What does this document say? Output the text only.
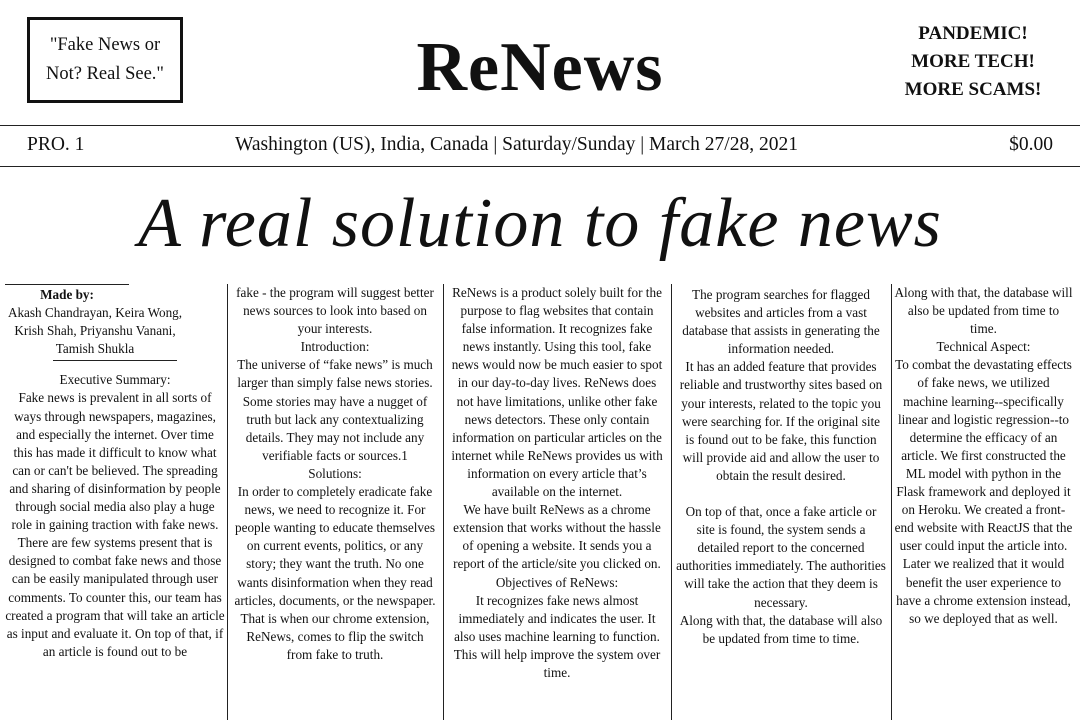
"Fake News or
Not? Real See."	ReNews	PANDEMIC!
MORE TECH!
MORE SCAMS!
PRO. 1	Washington (US), India, Canada | Saturday/Sunday | March 27/28, 2021	$0.00
A real solution to fake news

Made by:

Akash Chandrayan, Keira Wong, Krish Shah, Priyanshu Vanani, Tamish Shukla

Executive Summary:

Fake news is prevalent in all sorts of ways through newspapers, magazines, and especially the internet. Over time this has made it difficult to know what can or can't be believed. The spreading and sharing of disinformation by people through social media also play a huge role in gaining traction with fake news. There are few systems present that is designed to combat fake news and those can be easily manipulated through user comments. To counter this, our team has created a program that will take an article as input and evaluate it. On top of that, if an article is found out to be

fake - the program will suggest better news sources to look into based on your interests.

Introduction:

The universe of “fake news” is much larger than simply false news stories. Some stories may have a nugget of truth but lack any contextualizing details. They may not include any verifiable facts or sources.1

Solutions:

In order to completely eradicate fake news, we need to recognize it. For people wanting to educate themselves on current events, politics, or any story; they want the truth. No one wants disinformation when they read articles, documents, or the newspaper. That is when our chrome extension, ReNews, comes to flip the switch from fake to truth.

ReNews is a product solely built for the purpose to flag websites that contain false information. It recognizes fake news instantly. Using this tool, fake news would now be much easier to spot in our day-to-day lives. ReNews does not have limitations, unlike other fake news detectors. These only contain information on particular articles on the internet while ReNews provides us with information on every article that’s available on the internet.

We have built ReNews as a chrome extension that works without the hassle of opening a website. It sends you a report of the article/site you clicked on.

Objectives of ReNews:

It recognizes fake news almost immediately and indicates the user. It also uses machine learning to function. This will help improve the system over time.

The program searches for flagged websites and articles from a vast database that assists in generating the information needed.

It has an added feature that provides reliable and trustworthy sites based on your interests, related to the topic you were searching for. If the original site is found out to be fake, this function will provide aid and allow the user to obtain the result desired.

On top of that, once a fake article or site is found, the system sends a detailed report to the concerned authorities immediately. The authorities will take the action that they deem is necessary.

Along with that, the database will also be updated from time to time.

Along with that, the database will also be updated from time to time.

Technical Aspect:

To combat the devastating effects of fake news, we utilized machine learning--specifically linear and logistic regression--to determine the efficacy of an article. We first constructed the ML model with python in the Flask framework and deployed it on Heroku. We created a front-end website with ReactJS that the user could input the article into. Later we realized that it would benefit the user experience to have a chrome extension instead, so we deployed that as well.
